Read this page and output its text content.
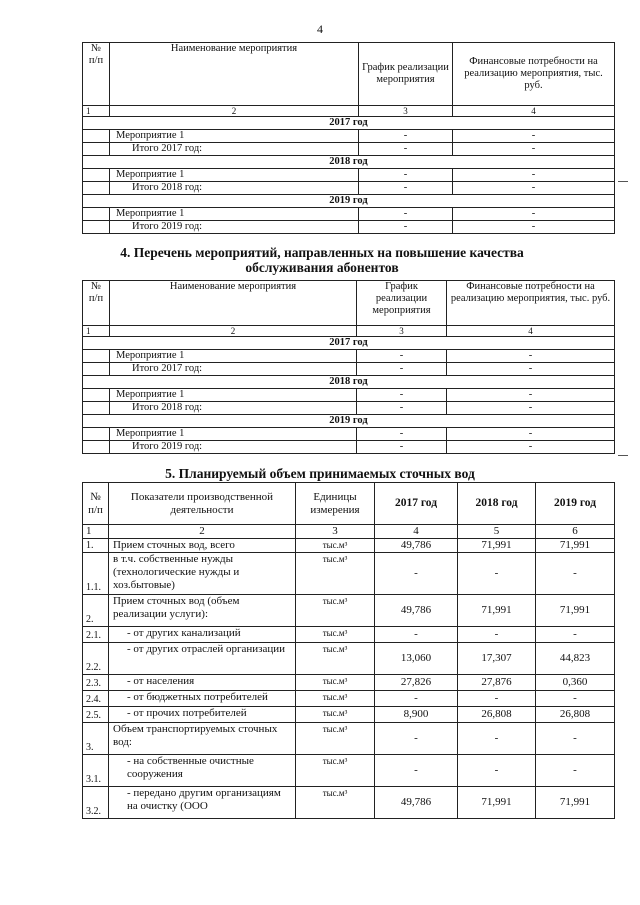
4
№ п/п	Наименование мероприятия	График реализации мероприятия	Финансовые потребности на реализацию мероприятия, тыс. руб.
1	2	3	4
2017 год			
	Мероприятие 1	-	-
	Итого 2017 год:	-	-
2018 год			
	Мероприятие 1	-	-
	Итого 2018 год:	-	-
2019 год			
	Мероприятие 1	-	-
	Итого 2019 год:	-	-
4. Перечень мероприятий, направленных на повышение качества обслуживания абонентов
№ п/п	Наименование мероприятия	График реализации мероприятия	Финансовые потребности на реализацию мероприятия, тыс. руб.
1	2	3	4
2017 год			
	Мероприятие 1	-	-
	Итого 2017 год:	-	-
2018 год			
	Мероприятие 1	-	-
	Итого 2018 год:	-	-
2019 год			
	Мероприятие 1	-	-
	Итого 2019 год:	-	-
5. Планируемый объем принимаемых сточных вод
№ п/п	Показатели производственной деятельности	Единицы измерения	2017 год	2018 год	2019 год
1	2	3	4	5	6
1.	Прием сточных вод, всего	тыс.м³	49,786	71,991	71,991
1.1.	в т.ч. собственные нужды (технологические нужды и хоз.бытовые)	тыс.м³	-	-	-
2.	Прием сточных вод (объем реализации услуги):	тыс.м³	49,786	71,991	71,991
2.1.	- от других канализаций	тыс.м³	-	-	-
2.2.	- от других отраслей организации	тыс.м³	13,060	17,307	44,823
2.3.	- от населения	тыс.м³	27,826	27,876	0,360
2.4.	- от бюджетных потребителей	тыс.м³	-	-	-
2.5.	- от прочих потребителей	тыс.м³	8,900	26,808	26,808
3.	Объем транспортируемых сточных вод:	тыс.м³	-	-	-
3.1.	- на собственные очистные сооружения	тыс.м³	-	-	-
3.2.	- передано другим организациям на очистку (ООО	тыс.м³	49,786	71,991	71,991
